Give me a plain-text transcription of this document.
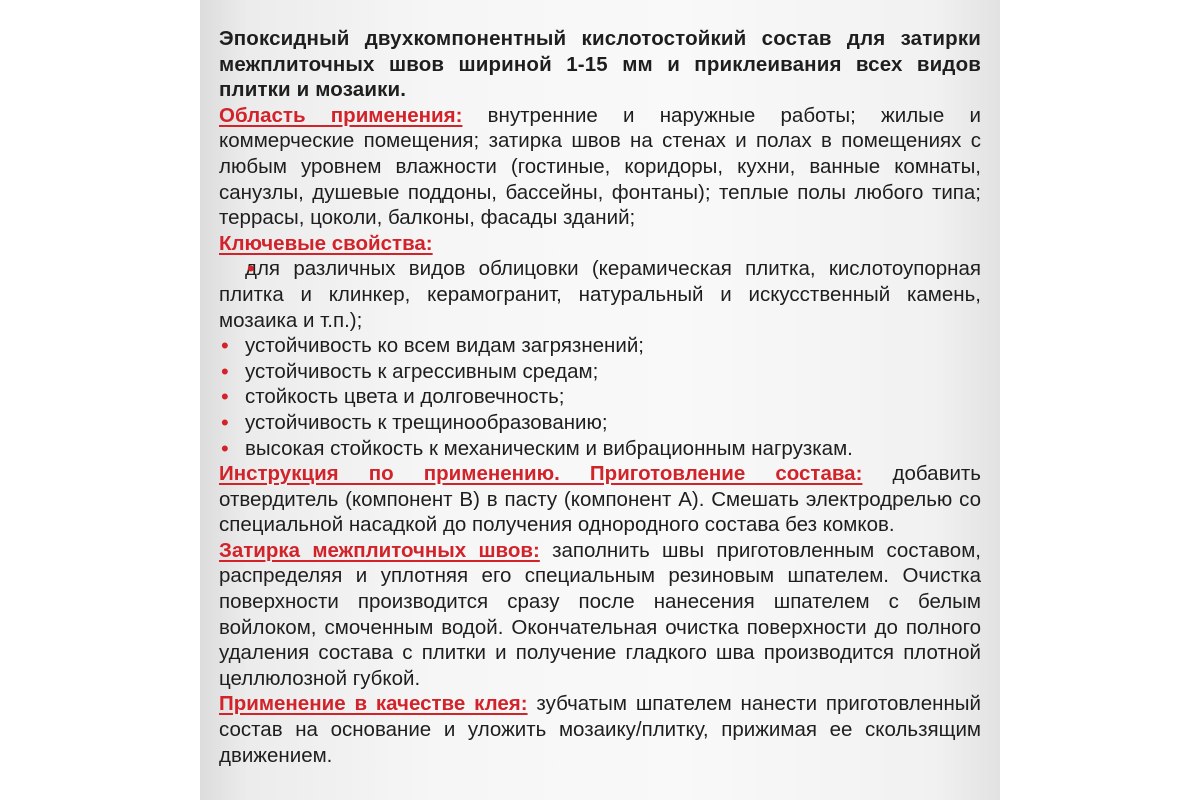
Эпоксидный двухкомпонентный кислотостойкий состав для затирки межплиточных швов шириной 1-15 мм и приклеивания всех видов плитки и мозаики.

Область применения: внутренние и наружные работы; жилые и коммерческие помещения; затирка швов на стенах и полах в помещениях с любым уровнем влажности (гостиные, коридоры, кухни, ванные комнаты, санузлы, душевые поддоны, бассейны, фонтаны); теплые полы любого типа; террасы, цоколи, балконы, фасады зданий;

Ключевые свойства:
• для различных видов облицовки (керамическая плитка, кислотоупорная плитка и клинкер, керамогранит, натуральный и искусственный камень, мозаика и т.п.);
• устойчивость ко всем видам загрязнений;
• устойчивость к агрессивным средам;
• стойкость цвета и долговечность;
• устойчивость к трещинообразованию;
• высокая стойкость к механическим и вибрационным нагрузкам.

Инструкция по применению. Приготовление состава: добавить отвердитель (компонент В) в пасту (компонент А). Смешать электродрелью со специальной насадкой до получения однородного состава без комков.

Затирка межплиточных швов: заполнить швы приготовленным составом, распределяя и уплотняя его специальным резиновым шпателем. Очистка поверхности производится сразу после нанесения шпателем с белым войлоком, смоченным водой. Окончательная очистка поверхности до полного удаления состава с плитки и получение гладкого шва производится плотной целлюлозной губкой.

Применение в качестве клея: зубчатым шпателем нанести приготовленный состав на основание и уложить мозаику/плитку, прижимая ее скользящим движением.
